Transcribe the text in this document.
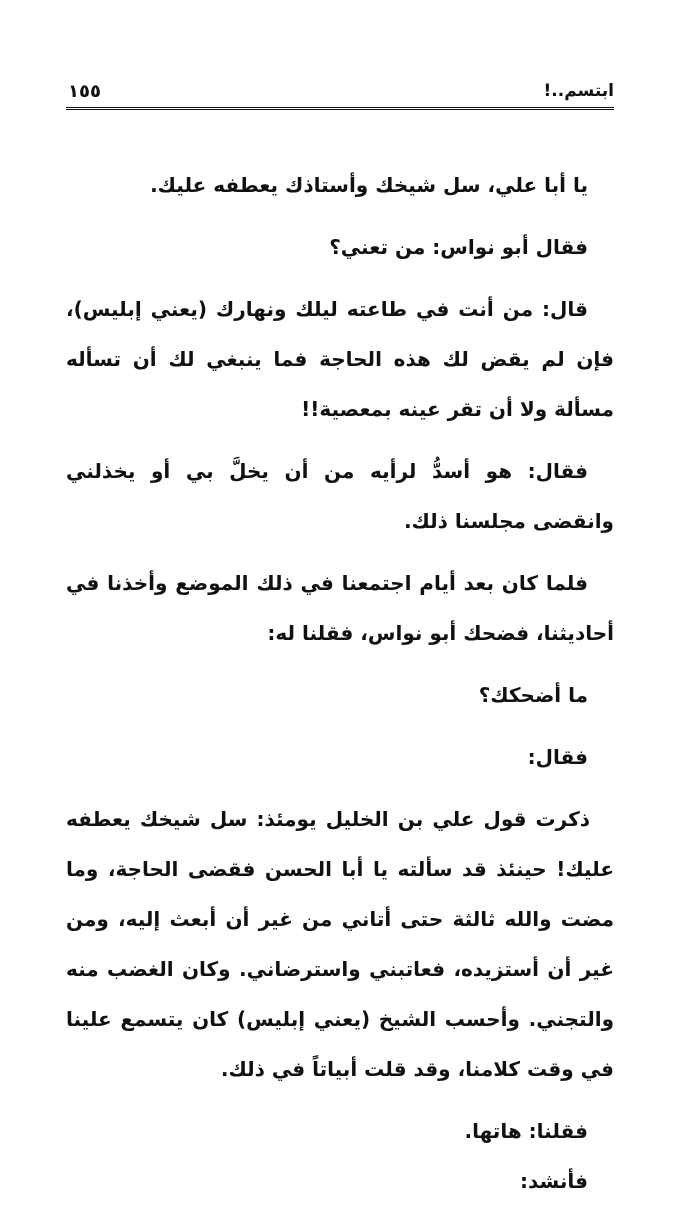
ابتسم..!
١٥٥

يا أبا علي، سل شيخك وأستاذك يعطفه عليك.

فقال أبو نواس: من تعني؟

قال: من أنت في طاعته ليلك ونهارك (يعني إبليس)، فإن لم يقض لك هذه الحاجة فما ينبغي لك أن تسأله مسألة ولا أن تقر عينه بمعصية!!

فقال: هو أسدُّ لرأيه من أن يخلَّ بي أو يخذلني وانقضى مجلسنا ذلك.

فلما كان بعد أيام اجتمعنا في ذلك الموضع وأخذنا في أحاديثنا، فضحك أبو نواس، فقلنا له:

ما أضحكك؟

فقال:

ذكرت قول علي بن الخليل يومئذ: سل شيخك يعطفه عليك! حينئذ قد سألته يا أبا الحسن فقضى الحاجة، وما مضت والله ثالثة حتى أتاني من غير أن أبعث إليه، ومن غير أن أستزيده، فعاتبني واسترضاني. وكان الغضب منه والتجني. وأحسب الشيخ (يعني إبليس) كان يتسمع علينا في وقت كلامنا، وقد قلت أبياتاً في ذلك.

فقلنا: هاتها.

فأنشد:
